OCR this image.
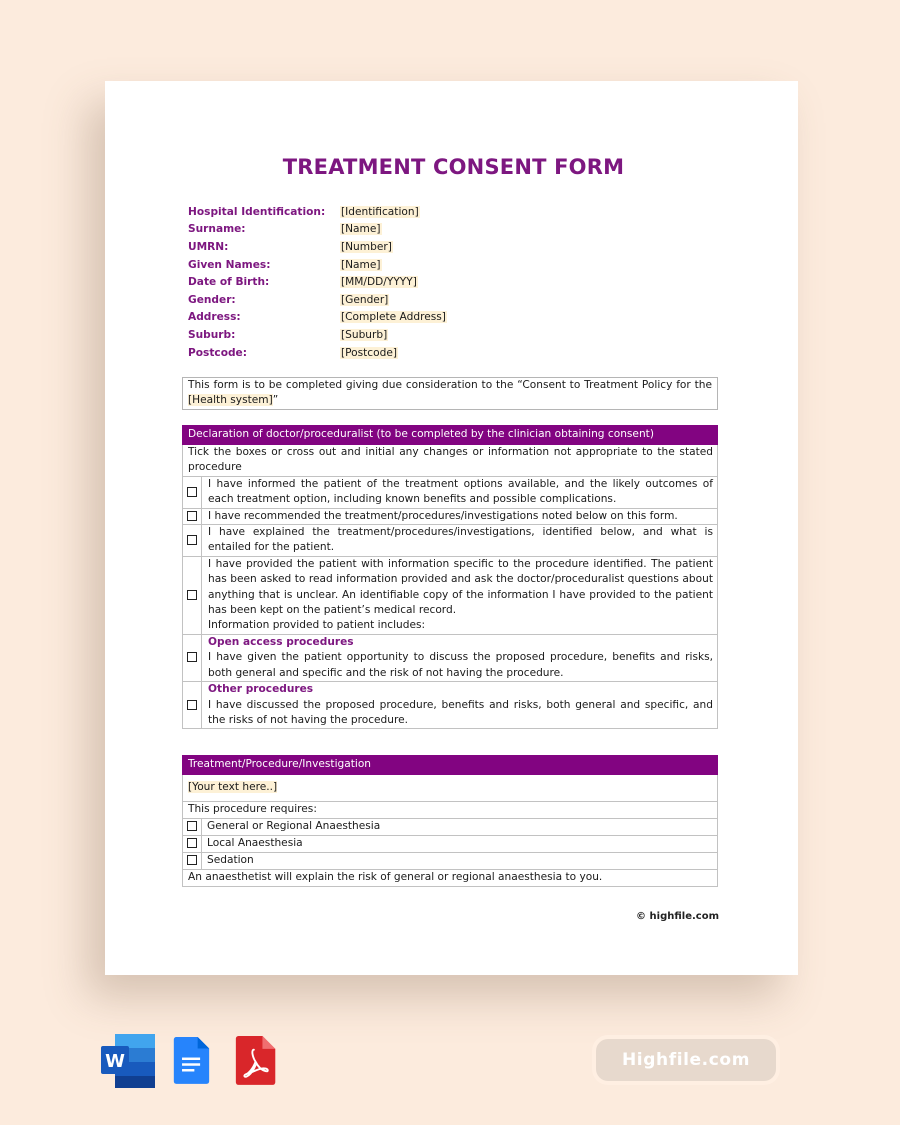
TREATMENT CONSENT FORM
Hospital Identification:	[Identification]
Surname:	[Name]
UMRN:	[Number]
Given Names:	[Name]
Date of Birth:	[MM/DD/YYYY]
Gender:	[Gender]
Address:	[Complete Address]
Suburb:	[Suburb]
Postcode:	[Postcode]
This form is to be completed giving due consideration to the “Consent to Treatment Policy for the [Health system]”
Declaration of doctor/proceduralist (to be completed by the clinician obtaining consent)	
Tick the boxes or cross out and initial any changes or information not appropriate to the stated procedure	
	I have informed the patient of the treatment options available, and the likely outcomes of each treatment option, including known benefits and possible complications.
	I have recommended the treatment/procedures/investigations noted below on this form.
	I have explained the treatment/procedures/investigations, identified below, and what is entailed for the patient.

	I have provided the patient with information specific to the procedure identified. The patient has been asked to read information provided and ask the doctor/proceduralist questions about anything that is unclear. An identifiable copy of the information I have provided to the patient has been kept on the patient’s medical record.
Information provided to patient includes:

	Open access procedures
I have given the patient opportunity to discuss the proposed procedure, benefits and risks, both general and specific and the risk of not having the procedure.

	Other procedures
I have discussed the proposed procedure, benefits and risks, both general and specific, and the risks of not having the procedure.
Treatment/Procedure/Investigation	
[Your text here..]	
This procedure requires:	
	General or Regional Anaesthesia
	Local Anaesthesia
	Sedation
An anaesthetist will explain the risk of general or regional anaesthesia to you.	
© highfile.com
W	Highfile.com
